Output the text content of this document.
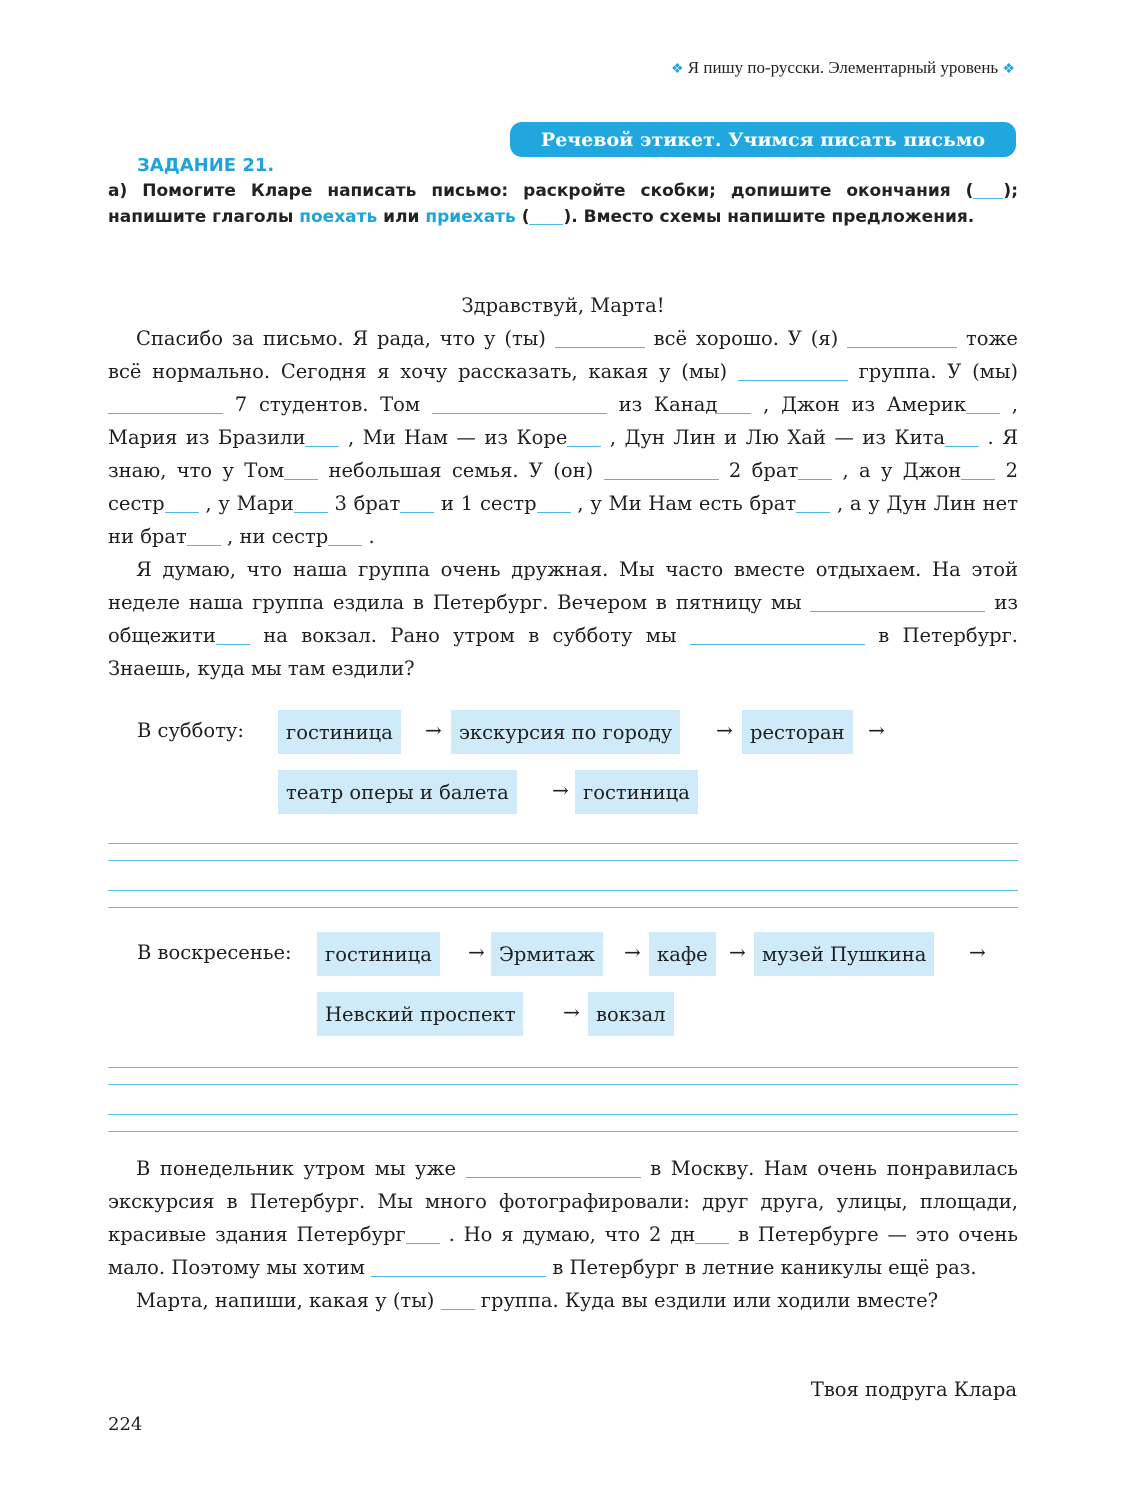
❖ Я пишу по-русски. Элементарный уровень ❖
Речевой этикет. Учимся писать письмо
ЗАДАНИЕ 21.
а) Помогите Кларе написать письмо: раскройте скобки; допишите окончания ( ); напишите глаголы поехать или приехать ( ). Вместо схемы напишите предложения.

Здравствуй, Марта!

Спасибо за письмо. Я рада, что у (ты)	всё хорошо. У (я)	тоже всё нормально. Сегодня я хочу рассказать, какая у (мы)	группа. У (мы)  7 студентов. Том	из Канад , Джон из Америк , Мария из Бразили , Ми Нам — из Коре , Дун Лин и Лю Хай — из Кита . Я знаю, что у Том небольшая семья. У (он)	2 брат , а у Джон 2 сестр , у Мари 3 брат и 1 сестр , у Ми Нам есть брат , а у Дун Лин нет ни брат , ни сестр .

Я думаю, что наша группа очень дружная. Мы часто вместе отдыхаем. На этой неделе наша группа ездила в Петербург. Вечером в пятницу мы	из общежити на вокзал. Рано утром в субботу мы	в Петербург. Знаешь, куда мы там ездили?

В субботу:	гостиница	→ экскурсия по городу	→ ресторан	→
театр оперы и балета	→ гостиница
В воскресенье:	гостиница	→ Эрмитаж	→ кафе	→ музей Пушкина	→
Невский проспект	→ вокзал

В понедельник утром мы уже	в Москву. Нам очень понравилась экскурсия в Петербург. Мы много фотографировали: друг друга, улицы, площади, красивые здания Петербург . Но я думаю, что 2 дн в Петербурге — это очень мало. Поэтому мы хотим	в Петербург в летние каникулы ещё раз.

Марта, напиши, какая у (ты)  группа. Куда вы ездили или ходили вместе?

Твоя подруга Клара
224
